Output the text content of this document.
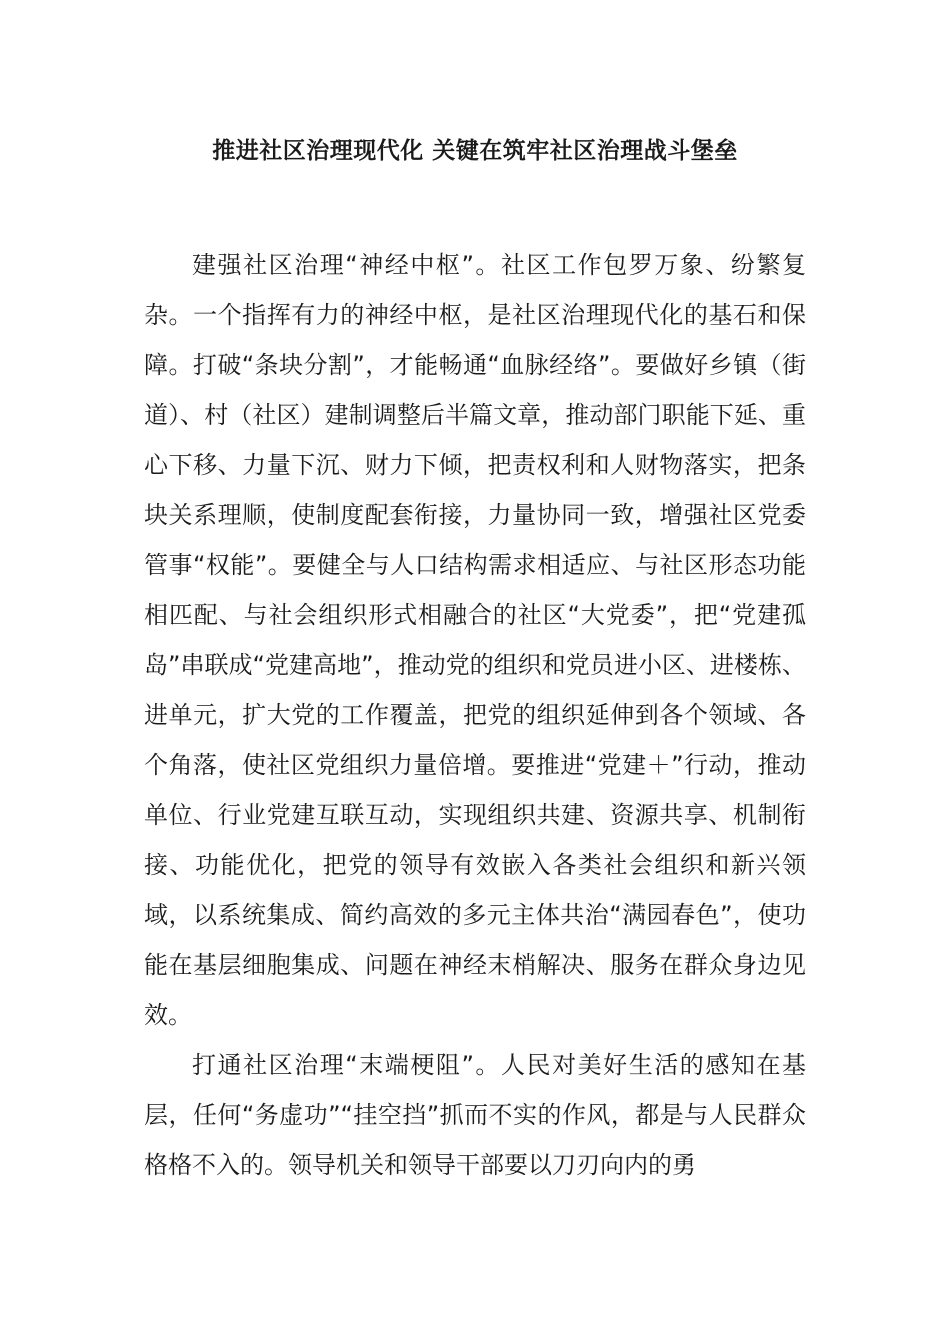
推进社区治理现代化 关键在筑牢社区治理战斗堡垒

建强社区治理“神经中枢”。社区工作包罗万象、纷繁复杂。一个指挥有力的神经中枢，是社区治理现代化的基石和保障。打破“条块分割”，才能畅通“血脉经络”。要做好乡镇（街道）、村（社区）建制调整后半篇文章，推动部门职能下延、重心下移、力量下沉、财力下倾，把责权利和人财物落实，把条块关系理顺，使制度配套衔接，力量协同一致，增强社区党委管事“权能”。要健全与人口结构需求相适应、与社区形态功能相匹配、与社会组织形式相融合的社区“大党委”，把“党建孤岛”串联成“党建高地”，推动党的组织和党员进小区、进楼栋、进单元，扩大党的工作覆盖，把党的组织延伸到各个领域、各个角落，使社区党组织力量倍增。要推进“党建＋”行动，推动单位、行业党建互联互动，实现组织共建、资源共享、机制衔接、功能优化，把党的领导有效嵌入各类社会组织和新兴领域，以系统集成、简约高效的多元主体共治“满园春色”，使功能在基层细胞集成、问题在神经末梢解决、服务在群众身边见效。

打通社区治理“末端梗阻”。人民对美好生活的感知在基层，任何“务虚功”“挂空挡”抓而不实的作风，都是与人民群众格格不入的。领导机关和领导干部要以刀刃向内的勇
